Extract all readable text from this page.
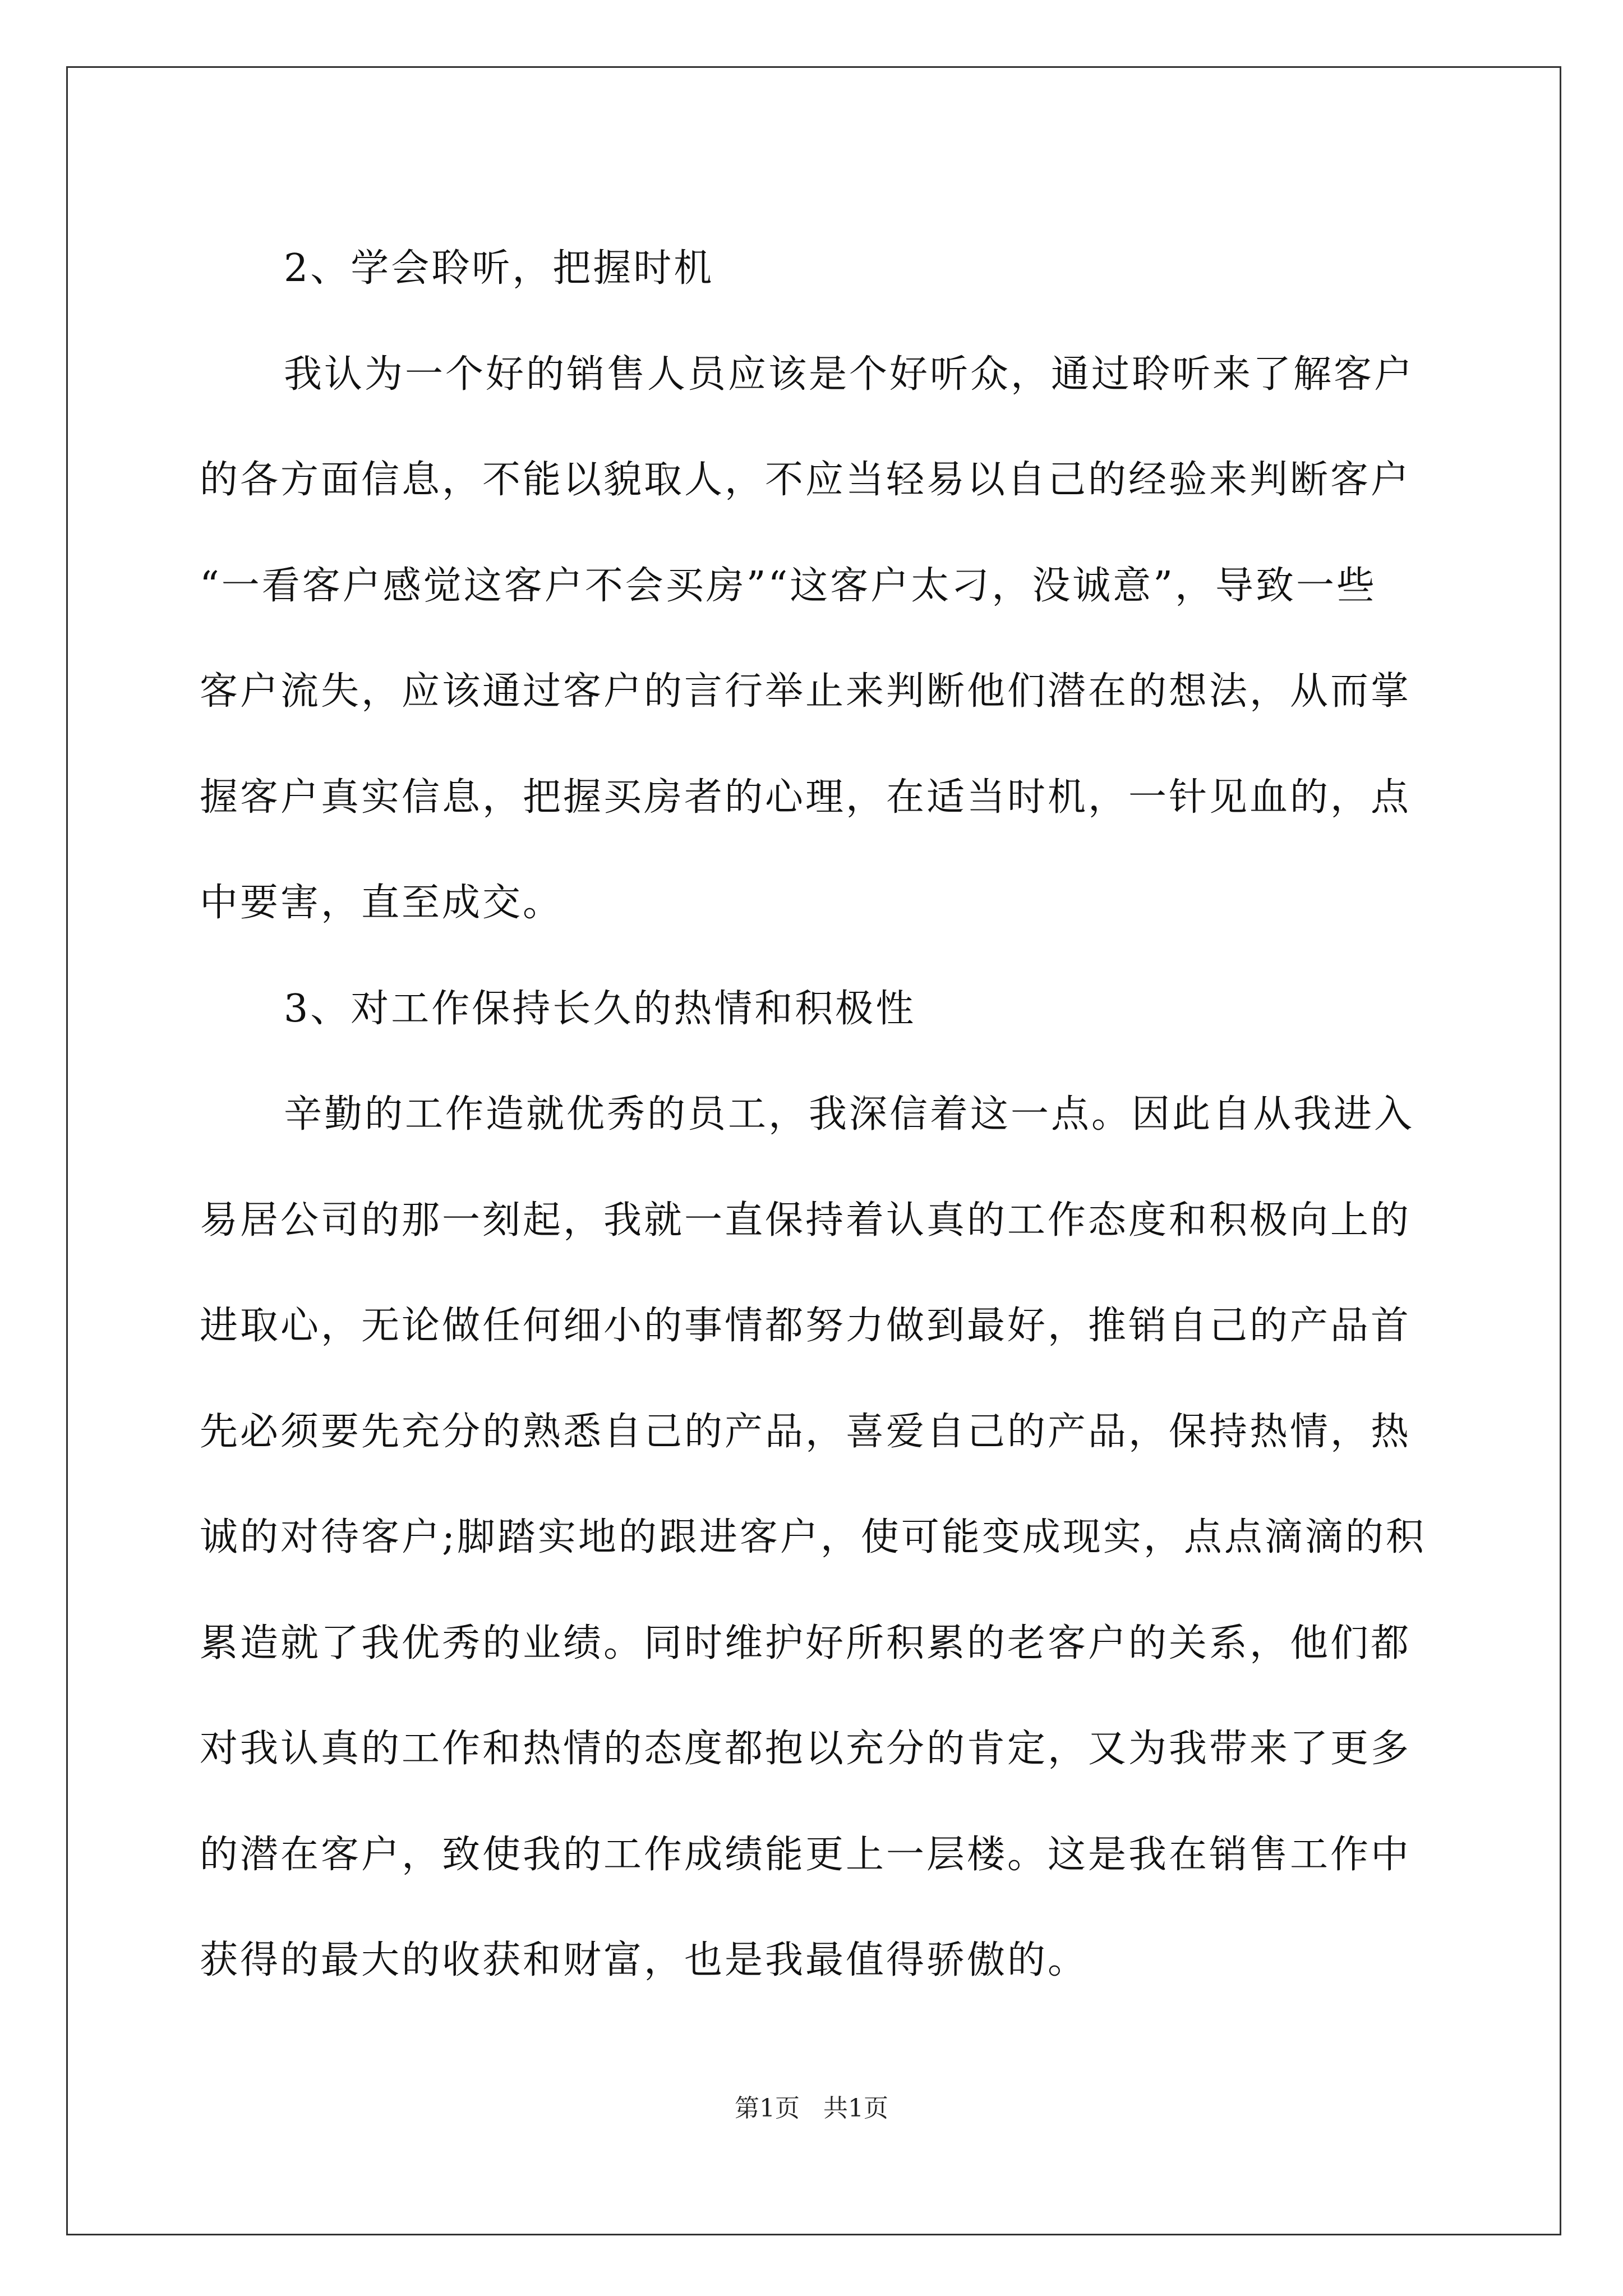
2、学会聆听，把握时机
我认为一个好的销售人员应该是个好听众，通过聆听来了解客户
的各方面信息，不能以貌取人，不应当轻易以自己的经验来判断客户
“一看客户感觉这客户不会买房”“这客户太刁，没诚意”，导致一些
客户流失，应该通过客户的言行举止来判断他们潜在的想法，从而掌
握客户真实信息，把握买房者的心理，在适当时机，一针见血的，点
中要害，直至成交。
3、对工作保持长久的热情和积极性
辛勤的工作造就优秀的员工，我深信着这一点。因此自从我进入
易居公司的那一刻起，我就一直保持着认真的工作态度和积极向上的
进取心，无论做任何细小的事情都努力做到最好，推销自己的产品首
先必须要先充分的熟悉自己的产品，喜爱自己的产品，保持热情，热
诚的对待客户;脚踏实地的跟进客户，使可能变成现实，点点滴滴的积
累造就了我优秀的业绩。同时维护好所积累的老客户的关系，他们都
对我认真的工作和热情的态度都抱以充分的肯定，又为我带来了更多
的潜在客户，致使我的工作成绩能更上一层楼。这是我在销售工作中
获得的最大的收获和财富，也是我最值得骄傲的。
第1页   共1页
